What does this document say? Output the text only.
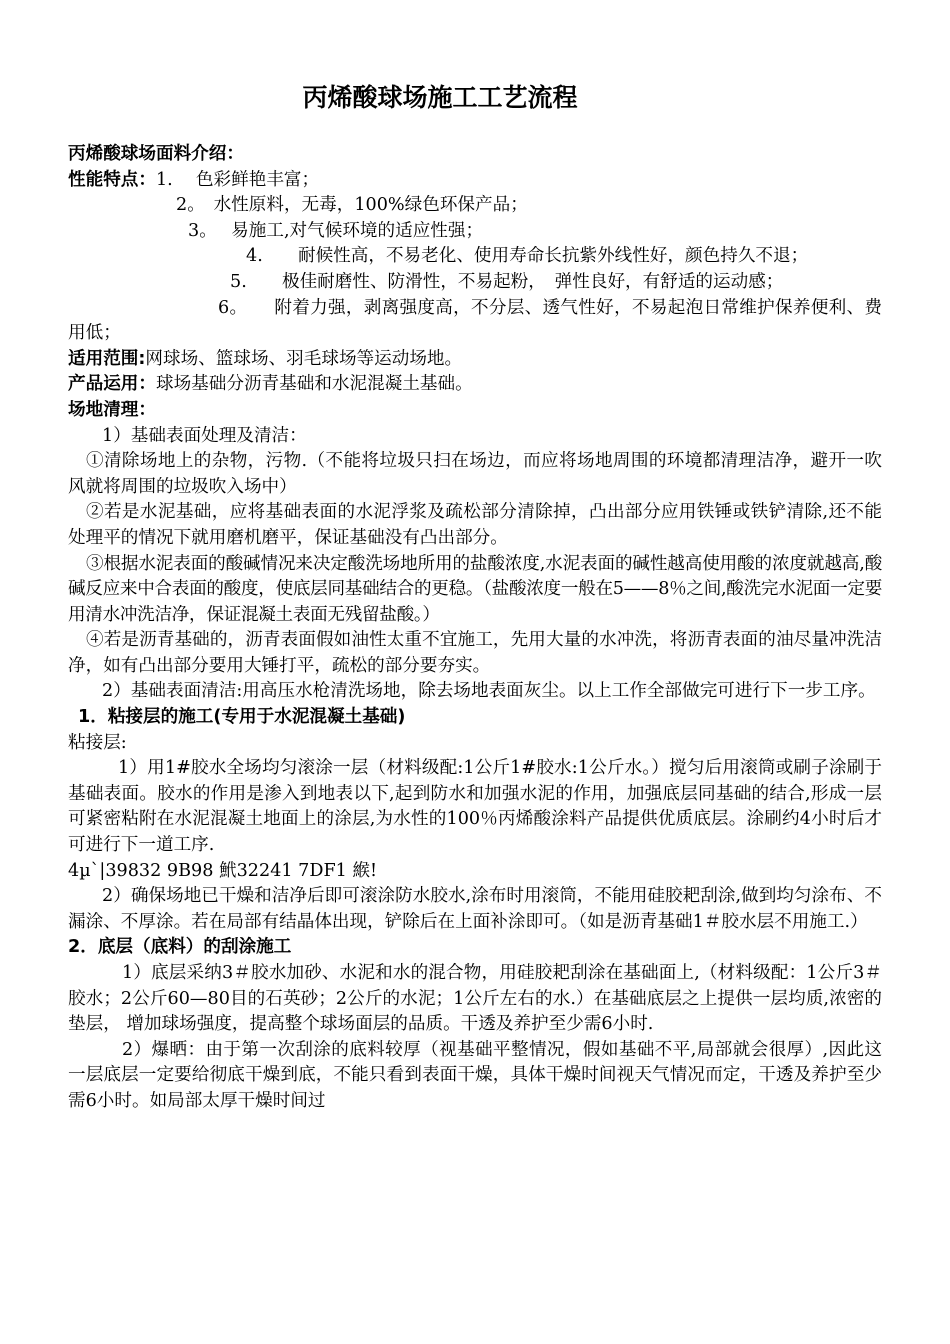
丙烯酸球场施工工艺流程

丙烯酸球场面料介绍：

性能特点：1.　 色彩鲜艳丰富；

2。　水性原料，无毒，100%绿色环保产品；

3。　 易施工,对气候环境的适应性强；

4.　　耐候性高，不易老化、使用寿命长抗紫外线性好，颜色持久不退；

5.　　极佳耐磨性、防滑性，不易起粉，　弹性良好，有舒适的运动感；

6。　　附着力强，剥离强度高，不分层、透气性好，不易起泡日常维护保养便利、费用低；

适用范围:网球场、篮球场、羽毛球场等运动场地。

产品运用：球场基础分沥青基础和水泥混凝土基础。

场地清理：

1）基础表面处理及清洁：

①清除场地上的杂物，污物.（不能将垃圾只扫在场边，而应将场地周围的环境都清理洁净，避开一吹风就将周围的垃圾吹入场中）

②若是水泥基础，应将基础表面的水泥浮浆及疏松部分清除掉，凸出部分应用铁锤或铁铲清除,还不能处理平的情况下就用磨机磨平，保证基础没有凸出部分。

③根据水泥表面的酸碱情况来决定酸洗场地所用的盐酸浓度,水泥表面的碱性越高使用酸的浓度就越高,酸碱反应来中合表面的酸度，使底层同基础结合的更稳。（盐酸浓度一般在5——8％之间,酸洗完水泥面一定要用清水冲洗洁净，保证混凝土表面无残留盐酸。）

④若是沥青基础的，沥青表面假如油性太重不宜施工，先用大量的水冲洗，将沥青表面的油尽量冲洗洁净，如有凸出部分要用大锤打平，疏松的部分要夯实。

2）基础表面清洁:用高压水枪清洗场地，除去场地表面灰尘。以上工作全部做完可进行下一步工序。

1．粘接层的施工(专用于水泥混凝土基础)

粘接层:

1）用1#胶水全场均匀滚涂一层（材料级配:1公斤1#胶水:1公斤水。）搅匀后用滚筒或刷子涂刷于基础表面。胶水的作用是渗入到地表以下,起到防水和加强水泥的作用，加强底层同基础的结合,形成一层可紧密粘附在水泥混凝土地面上的涂层,为水性的100％丙烯酸涂料产品提供优质底层。涂刷约4小时后才可进行下一道工序.

4µ`|39832 9B98 鮘32241 7DF1 緱!

2）确保场地已干燥和洁净后即可滚涂防水胶水,涂布时用滚筒，不能用硅胶耙刮涂,做到均匀涂布、不漏涂、不厚涂。若在局部有结晶体出现，铲除后在上面补涂即可。（如是沥青基础1＃胶水层不用施工.）

2．底层（底料）的刮涂施工

1）底层采纳3＃胶水加砂、水泥和水的混合物，用硅胶耙刮涂在基础面上,（材料级配：1公斤3＃胶水；2公斤60—80目的石英砂；2公斤的水泥；1公斤左右的水.）在基础底层之上提供一层均质,浓密的垫层， 增加球场强度，提高整个球场面层的品质。干透及养护至少需6小时.

2）爆晒：由于第一次刮涂的底料较厚（视基础平整情况，假如基础不平,局部就会很厚）,因此这一层底层一定要给彻底干燥到底，不能只看到表面干燥，具体干燥时间视天气情况而定，干透及养护至少需6小时。如局部太厚干燥时间过
